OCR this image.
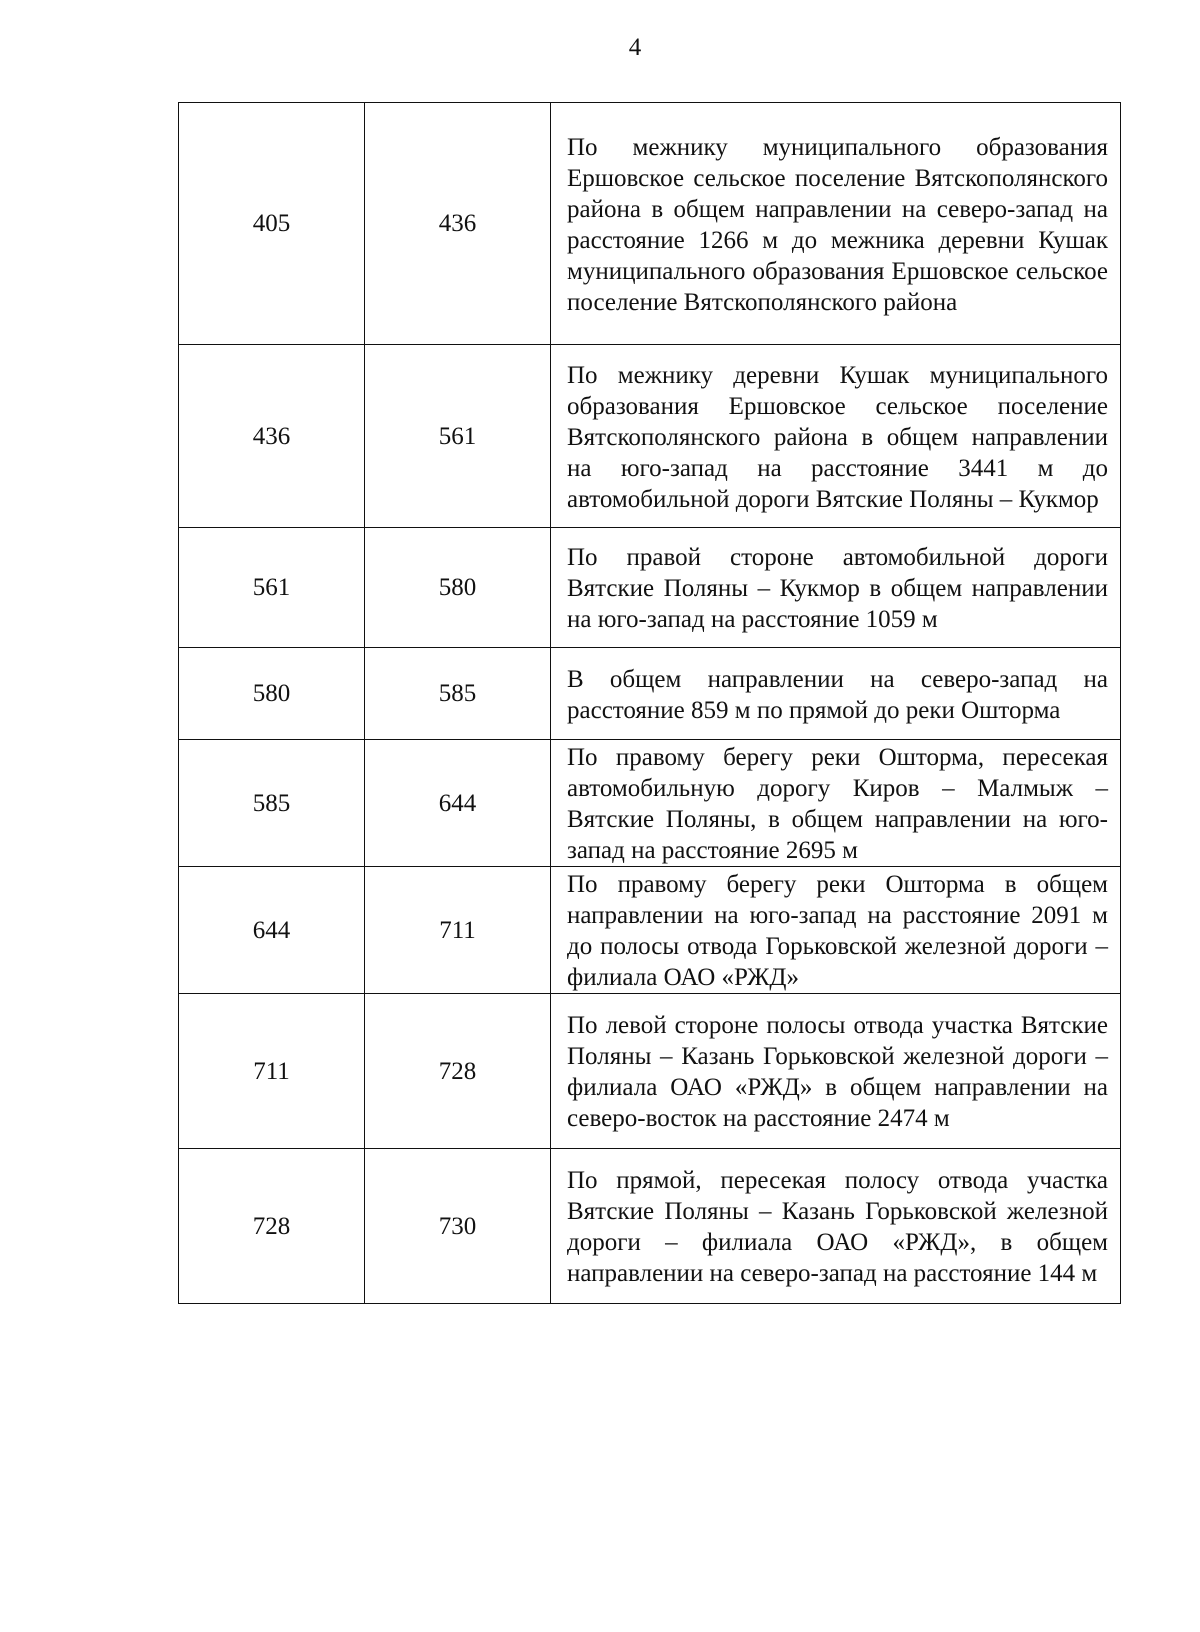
4
405	436	По межнику муниципального образования Ершовское сельское поселение Вятскополянского района в общем направлении на северо-запад на расстояние 1266 м до межника деревни Кушак муниципального образования Ершовское сельское поселение Вятскополянского района
436	561	По межнику деревни Кушак муниципального образования Ершовское сельское поселение Вятскополянского района в общем направлении на юго-запад на расстояние 3441 м до автомобильной дороги Вятские Поляны – Кукмор
561	580	По правой стороне автомобильной дороги Вятские Поляны – Кукмор в общем направлении на юго-запад на расстояние 1059 м
580	585	В общем направлении на северо-запад на расстояние 859 м по прямой до реки Ошторма
585	644	По правому берегу реки Ошторма, пересекая автомобильную дорогу Киров – Малмыж – Вятские Поляны, в общем направлении на юго-запад на расстояние 2695 м
644	711	По правому берегу реки Ошторма в общем направлении на юго-запад на расстояние 2091 м до полосы отвода Горьковской железной дороги – филиала ОАО «РЖД»
711	728	По левой стороне полосы отвода участка Вятские Поляны – Казань Горьковской железной дороги – филиала ОАО «РЖД» в общем направлении на северо-восток на расстояние 2474 м
728	730	По прямой, пересекая полосу отвода участка Вятские Поляны – Казань Горьковской железной дороги – филиала ОАО «РЖД», в общем направлении на северо-запад на расстояние 144 м
